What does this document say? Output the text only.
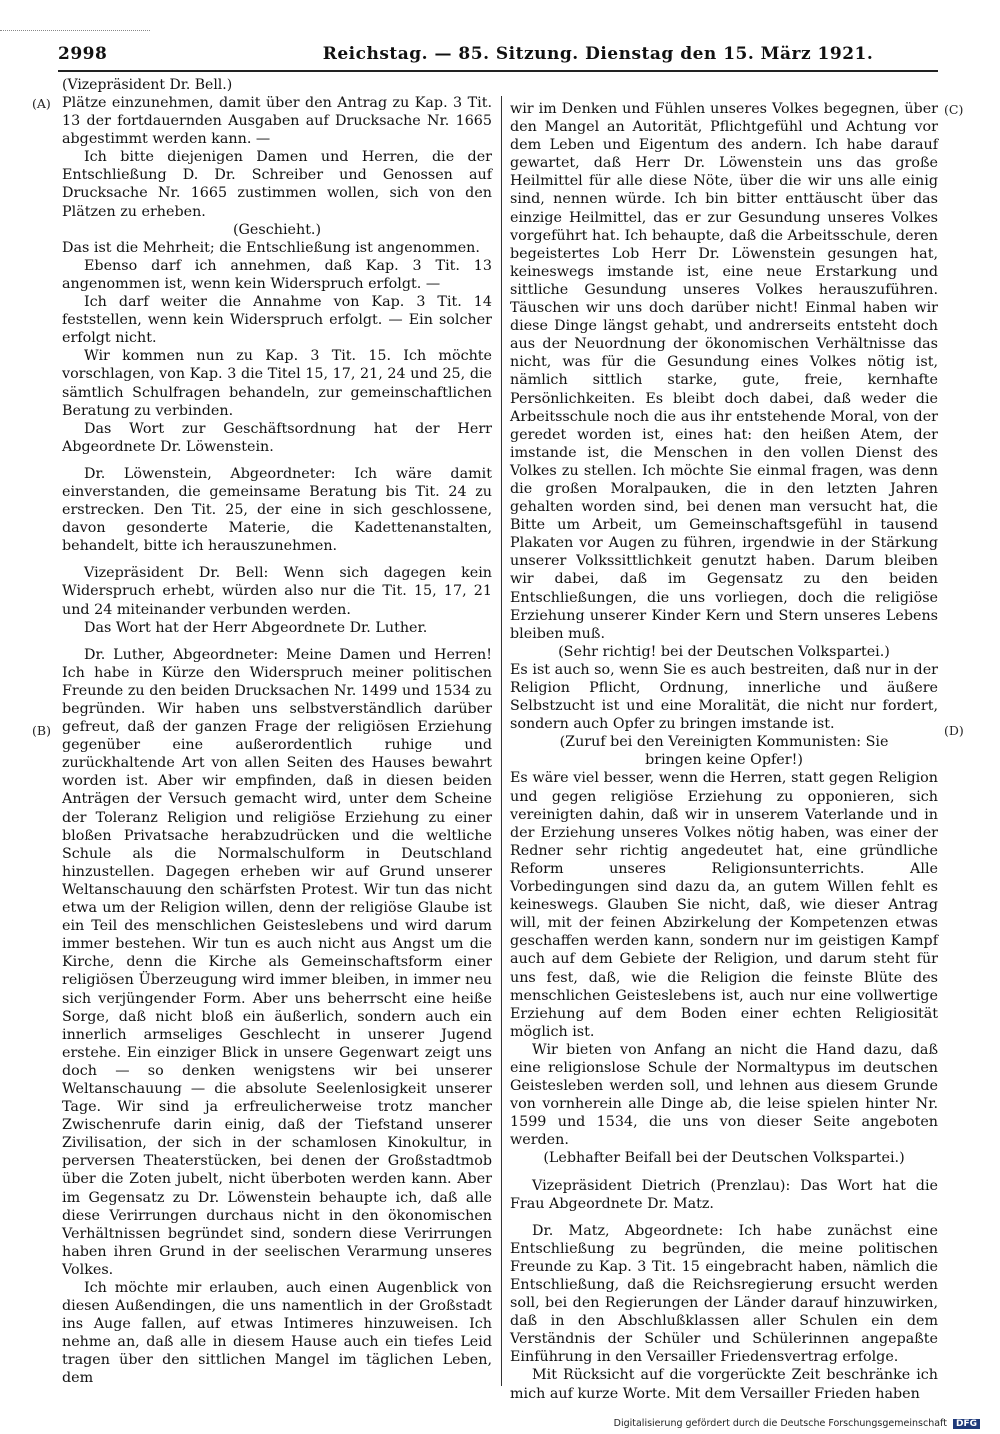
2998	Reichstag. — 85. Sitzung. Dienstag den 15. März 1921.
(A)
(B)
(C)
(D)

(Vizepräsident Dr. Bell.)

Plätze einzunehmen, damit über den Antrag zu Kap. 3 Tit. 13 der fortdauernden Ausgaben auf Drucksache Nr. 1665 abgestimmt werden kann. —

Ich bitte diejenigen Damen und Herren, die der Entschließung D. Dr. Schreiber und Genossen auf Drucksache Nr. 1665 zustimmen wollen, sich von den Plätzen zu erheben.

(Geschieht.)

Das ist die Mehrheit; die Entschließung ist angenommen.

Ebenso darf ich annehmen, daß Kap. 3 Tit. 13 angenommen ist, wenn kein Widerspruch erfolgt. —

Ich darf weiter die Annahme von Kap. 3 Tit. 14 feststellen, wenn kein Widerspruch erfolgt. — Ein solcher erfolgt nicht.

Wir kommen nun zu Kap. 3 Tit. 15. Ich möchte vorschlagen, von Kap. 3 die Titel 15, 17, 21, 24 und 25, die sämtlich Schulfragen behandeln, zur gemeinschaftlichen Beratung zu verbinden.

Das Wort zur Geschäftsordnung hat der Herr Abgeordnete Dr. Löwenstein.

Dr. Löwenstein, Abgeordneter: Ich wäre damit einverstanden, die gemeinsame Beratung bis Tit. 24 zu erstrecken. Den Tit. 25, der eine in sich geschlossene, davon gesonderte Materie, die Kadettenanstalten, behandelt, bitte ich herauszunehmen.

Vizepräsident Dr. Bell: Wenn sich dagegen kein Widerspruch erhebt, würden also nur die Tit. 15, 17, 21 und 24 miteinander verbunden werden.

Das Wort hat der Herr Abgeordnete Dr. Luther.

Dr. Luther, Abgeordneter: Meine Damen und Herren! Ich habe in Kürze den Widerspruch meiner politischen Freunde zu den beiden Drucksachen Nr. 1499 und 1534 zu begründen. Wir haben uns selbstverständlich darüber gefreut, daß der ganzen Frage der religiösen Erziehung gegenüber eine außerordentlich ruhige und zurückhaltende Art von allen Seiten des Hauses bewahrt worden ist. Aber wir empfinden, daß in diesen beiden Anträgen der Versuch gemacht wird, unter dem Scheine der Toleranz Religion und religiöse Erziehung zu einer bloßen Privatsache herabzudrücken und die weltliche Schule als die Normalschulform in Deutschland hinzustellen. Dagegen erheben wir auf Grund unserer Weltanschauung den schärfsten Protest. Wir tun das nicht etwa um der Religion willen, denn der religiöse Glaube ist ein Teil des menschlichen Geisteslebens und wird darum immer bestehen. Wir tun es auch nicht aus Angst um die Kirche, denn die Kirche als Gemeinschaftsform einer religiösen Überzeugung wird immer bleiben, in immer neu sich verjüngender Form. Aber uns beherrscht eine heiße Sorge, daß nicht bloß ein äußerlich, sondern auch ein innerlich armseliges Geschlecht in unserer Jugend erstehe. Ein einziger Blick in unsere Gegenwart zeigt uns doch — so denken wenigstens wir bei unserer Weltanschauung — die absolute Seelenlosigkeit unserer Tage. Wir sind ja erfreulicherweise trotz mancher Zwischenrufe darin einig, daß der Tiefstand unserer Zivilisation, der sich in der schamlosen Kinokultur, in perversen Theaterstücken, bei denen der Großstadtmob über die Zoten jubelt, nicht überboten werden kann. Aber im Gegensatz zu Dr. Löwenstein behaupte ich, daß alle diese Verirrungen durchaus nicht in den ökonomischen Verhältnissen begründet sind, sondern diese Verirrungen haben ihren Grund in der seelischen Verarmung unseres Volkes.

Ich möchte mir erlauben, auch einen Augenblick von diesen Außendingen, die uns namentlich in der Großstadt ins Auge fallen, auf etwas Intimeres hinzuweisen. Ich nehme an, daß alle in diesem Hause auch ein tiefes Leid tragen über den sittlichen Mangel im täglichen Leben, dem

wir im Denken und Fühlen unseres Volkes begegnen, über den Mangel an Autorität, Pflichtgefühl und Achtung vor dem Leben und Eigentum des andern. Ich habe darauf gewartet, daß Herr Dr. Löwenstein uns das große Heilmittel für alle diese Nöte, über die wir uns alle einig sind, nennen würde. Ich bin bitter enttäuscht über das einzige Heilmittel, das er zur Gesundung unseres Volkes vorgeführt hat. Ich behaupte, daß die Arbeitsschule, deren begeistertes Lob Herr Dr. Löwenstein gesungen hat, keineswegs imstande ist, eine neue Erstarkung und sittliche Gesundung unseres Volkes herauszuführen. Täuschen wir uns doch darüber nicht! Einmal haben wir diese Dinge längst gehabt, und andrerseits entsteht doch aus der Neuordnung der ökonomischen Verhältnisse das nicht, was für die Gesundung eines Volkes nötig ist, nämlich sittlich starke, gute, freie, kernhafte Persönlichkeiten. Es bleibt doch dabei, daß weder die Arbeitsschule noch die aus ihr entstehende Moral, von der geredet worden ist, eines hat: den heißen Atem, der imstande ist, die Menschen in den vollen Dienst des Volkes zu stellen. Ich möchte Sie einmal fragen, was denn die großen Moralpauken, die in den letzten Jahren gehalten worden sind, bei denen man versucht hat, die Bitte um Arbeit, um Gemeinschaftsgefühl in tausend Plakaten vor Augen zu führen, irgendwie in der Stärkung unserer Volkssittlichkeit genutzt haben. Darum bleiben wir dabei, daß im Gegensatz zu den beiden Entschließungen, die uns vorliegen, doch die religiöse Erziehung unserer Kinder Kern und Stern unseres Lebens bleiben muß.

(Sehr richtig! bei der Deutschen Volkspartei.)

Es ist auch so, wenn Sie es auch bestreiten, daß nur in der Religion Pflicht, Ordnung, innerliche und äußere Selbstzucht ist und eine Moralität, die nicht nur fordert, sondern auch Opfer zu bringen imstande ist.

(Zuruf bei den Vereinigten Kommunisten: Sie

bringen keine Opfer!)

Es wäre viel besser, wenn die Herren, statt gegen Religion und gegen religiöse Erziehung zu opponieren, sich vereinigten dahin, daß wir in unserem Vaterlande und in der Erziehung unseres Volkes nötig haben, was einer der Redner sehr richtig angedeutet hat, eine gründliche Reform unseres Religionsunterrichts. Alle Vorbedingungen sind dazu da, an gutem Willen fehlt es keineswegs. Glauben Sie nicht, daß, wie dieser Antrag will, mit der feinen Abzirkelung der Kompetenzen etwas geschaffen werden kann, sondern nur im geistigen Kampf auch auf dem Gebiete der Religion, und darum steht für uns fest, daß, wie die Religion die feinste Blüte des menschlichen Geisteslebens ist, auch nur eine vollwertige Erziehung auf dem Boden einer echten Religiosität möglich ist.

Wir bieten von Anfang an nicht die Hand dazu, daß eine religionslose Schule der Normaltypus im deutschen Geistesleben werden soll, und lehnen aus diesem Grunde von vornherein alle Dinge ab, die leise spielen hinter Nr. 1599 und 1534, die uns von dieser Seite angeboten werden.

(Lebhafter Beifall bei der Deutschen Volkspartei.)

Vizepräsident Dietrich (Prenzlau): Das Wort hat die Frau Abgeordnete Dr. Matz.

Dr. Matz, Abgeordnete: Ich habe zunächst eine Entschließung zu begründen, die meine politischen Freunde zu Kap. 3 Tit. 15 eingebracht haben, nämlich die Entschließung, daß die Reichsregierung ersucht werden soll, bei den Regierungen der Länder darauf hinzuwirken, daß in den Abschlußklassen aller Schulen ein dem Verständnis der Schüler und Schülerinnen angepaßte Einführung in den Versailler Friedensvertrag erfolge.

Mit Rücksicht auf die vorgerückte Zeit beschränke ich mich auf kurze Worte. Mit dem Versailler Frieden haben

Digitalisierung gefördert durch die Deutsche Forschungsgemeinschaft DFG
